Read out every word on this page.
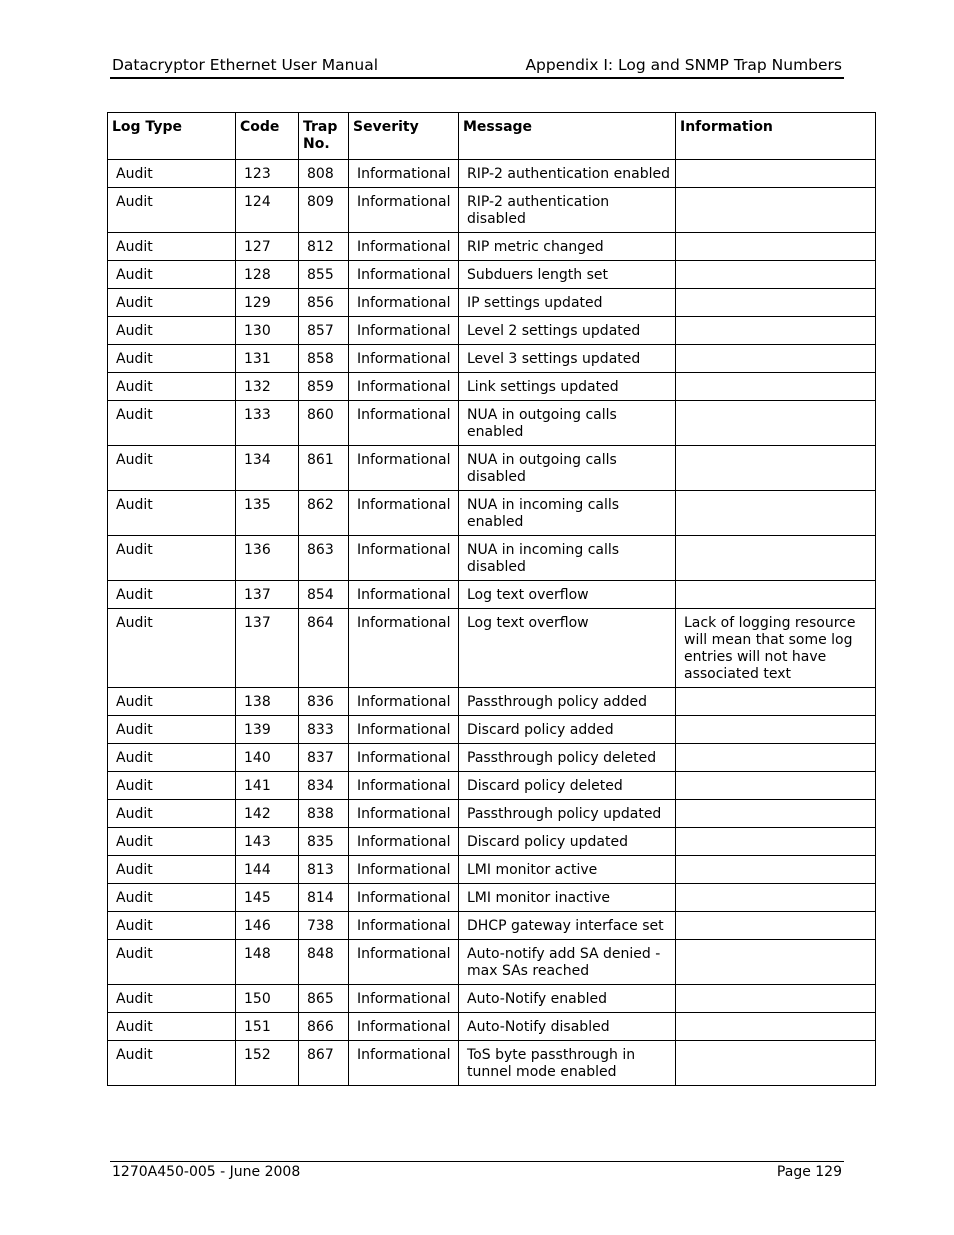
Datacryptor Ethernet User Manual	Appendix I: Log and SNMP Trap Numbers
Log Type	Code	Trap No.	Severity	Message	Information
Audit	123	808	Informational	RIP-2 authentication enabled	
Audit	124	809	Informational	RIP-2 authentication disabled	
Audit	127	812	Informational	RIP metric changed	
Audit	128	855	Informational	Subduers length set	
Audit	129	856	Informational	IP settings updated	
Audit	130	857	Informational	Level 2 settings updated	
Audit	131	858	Informational	Level 3 settings updated	
Audit	132	859	Informational	Link settings updated	
Audit	133	860	Informational	NUA in outgoing calls enabled	
Audit	134	861	Informational	NUA in outgoing calls disabled	
Audit	135	862	Informational	NUA in incoming calls enabled	
Audit	136	863	Informational	NUA in incoming calls disabled	
Audit	137	854	Informational	Log text overflow	
Audit	137	864	Informational	Log text overflow	Lack of logging resource will mean that some log entries will not have associated text
Audit	138	836	Informational	Passthrough policy added	
Audit	139	833	Informational	Discard policy added	
Audit	140	837	Informational	Passthrough policy deleted	
Audit	141	834	Informational	Discard policy deleted	
Audit	142	838	Informational	Passthrough policy updated	
Audit	143	835	Informational	Discard policy updated	
Audit	144	813	Informational	LMI monitor active	
Audit	145	814	Informational	LMI monitor inactive	
Audit	146	738	Informational	DHCP gateway interface set	
Audit	148	848	Informational	Auto-notify add SA denied - max SAs reached	
Audit	150	865	Informational	Auto-Notify enabled	
Audit	151	866	Informational	Auto-Notify disabled	
Audit	152	867	Informational	ToS byte passthrough in tunnel mode enabled	
1270A450-005 - June 2008	Page 129
